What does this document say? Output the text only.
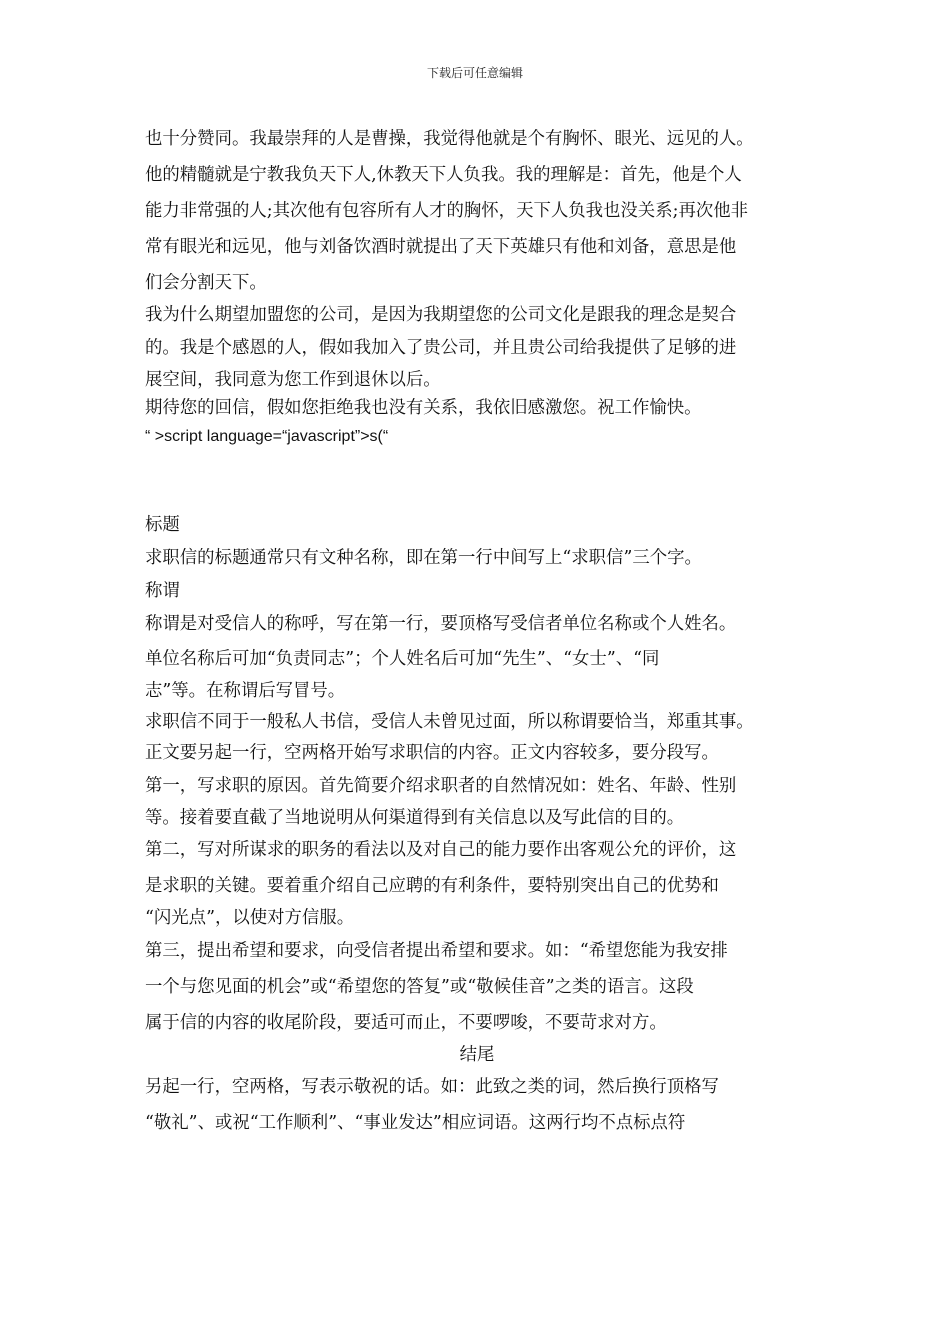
下载后可任意编辑
也十分赞同。我最崇拜的人是曹操，我觉得他就是个有胸怀、眼光、远见的人。
他的精髓就是宁教我负天下人,休教天下人负我。我的理解是：首先，他是个人
能力非常强的人;其次他有包容所有人才的胸怀，天下人负我也没关系;再次他非
常有眼光和远见，他与刘备饮酒时就提出了天下英雄只有他和刘备，意思是他
们会分割天下。
我为什么期望加盟您的公司，是因为我期望您的公司文化是跟我的理念是契合
的。我是个感恩的人，假如我加入了贵公司，并且贵公司给我提供了足够的进
展空间，我同意为您工作到退休以后。
期待您的回信，假如您拒绝我也没有关系，我依旧感激您。祝工作愉快。
“ >script language=“javascript”>s(“
标题
求职信的标题通常只有文种名称，即在第一行中间写上“求职信”三个字。
称谓
称谓是对受信人的称呼，写在第一行，要顶格写受信者单位名称或个人姓名。
单位名称后可加“负责同志”；个人姓名后可加“先生”、“女士”、“同
志”等。在称谓后写冒号。
求职信不同于一般私人书信，受信人未曾见过面，所以称谓要恰当，郑重其事。
正文要另起一行，空两格开始写求职信的内容。正文内容较多，要分段写。
第一，写求职的原因。首先简要介绍求职者的自然情况如：姓名、年龄、性别
等。接着要直截了当地说明从何渠道得到有关信息以及写此信的目的。
第二，写对所谋求的职务的看法以及对自己的能力要作出客观公允的评价，这
是求职的关键。要着重介绍自己应聘的有利条件，要特别突出自己的优势和
“闪光点”，以使对方信服。
第三，提出希望和要求，向受信者提出希望和要求。如：“希望您能为我安排
一个与您见面的机会”或“希望您的答复”或“敬候佳音”之类的语言。这段
属于信的内容的收尾阶段，要适可而止，不要啰唆，不要苛求对方。
结尾
另起一行，空两格，写表示敬祝的话。如：此致之类的词，然后换行顶格写
“敬礼”、或祝“工作顺利”、“事业发达”相应词语。这两行均不点标点符
